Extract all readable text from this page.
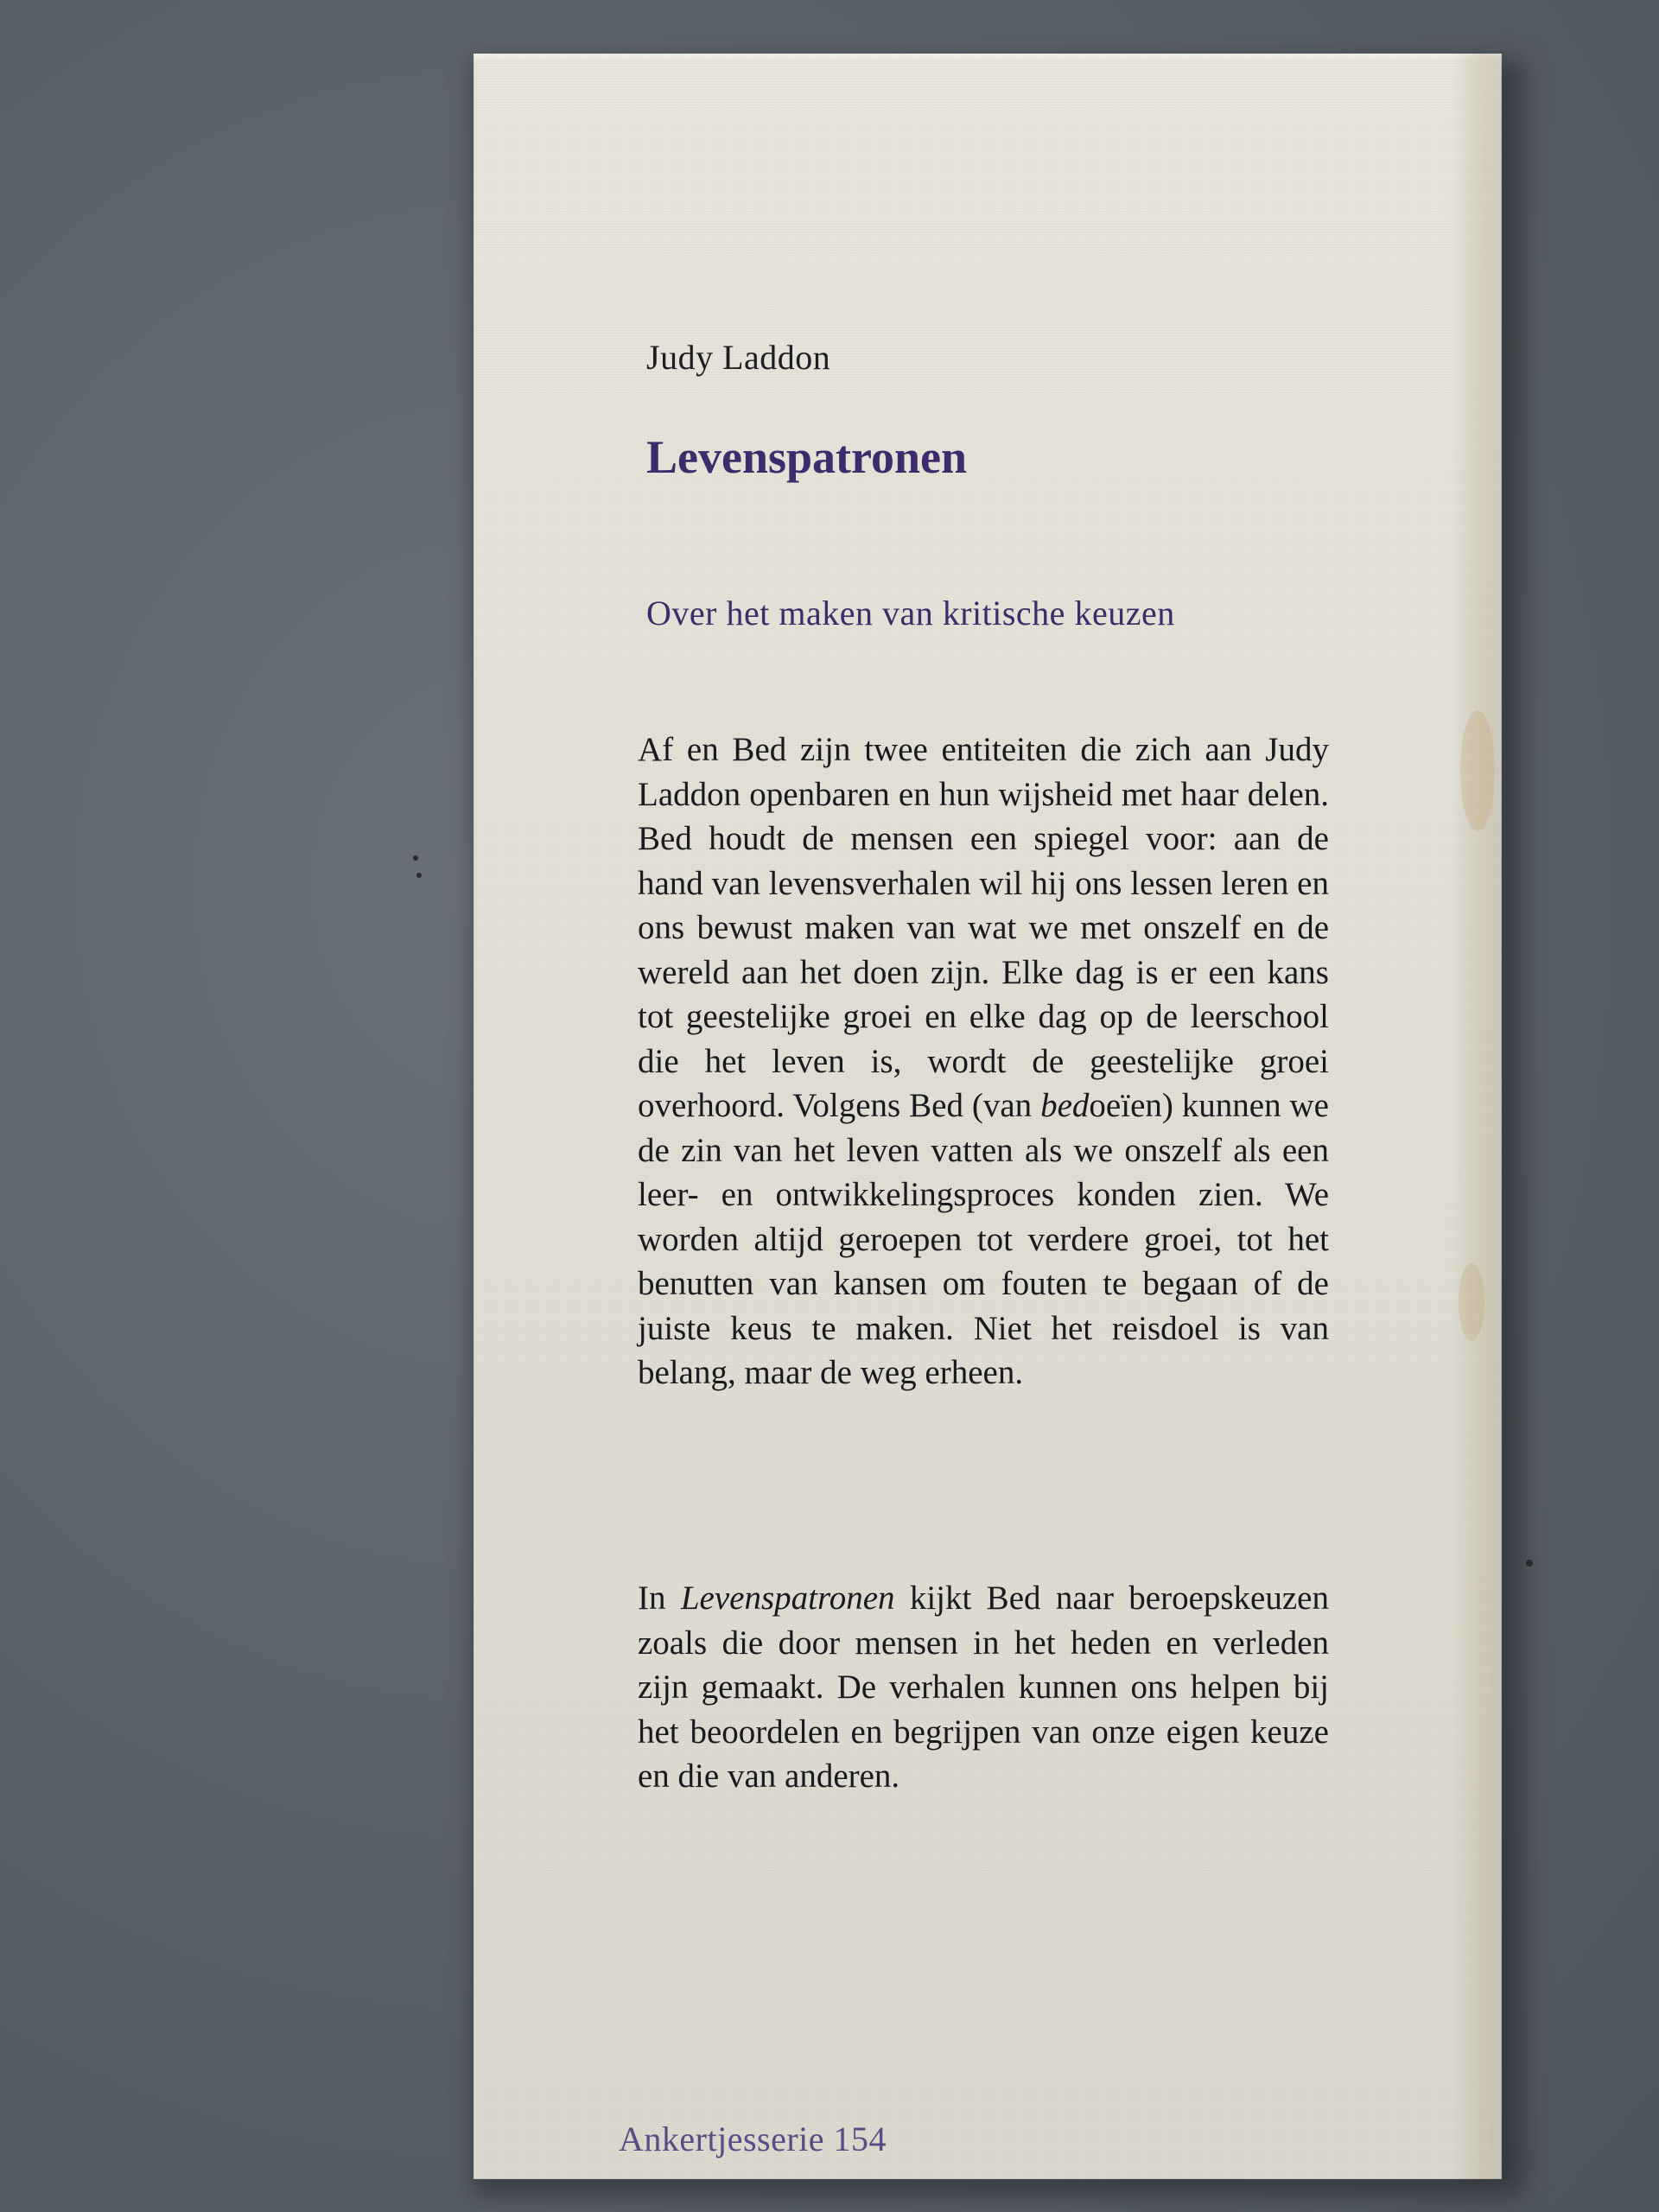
Judy Laddon
Levenspatronen
Over het maken van kritische keuzen

Af en Bed zijn twee entiteiten die zich aan Judy Laddon openbaren en hun wijsheid met haar delen. Bed houdt de mensen een spiegel voor: aan de hand van levensverhalen wil hij ons lessen leren en ons bewust maken van wat we met onszelf en de wereld aan het doen zijn. Elke dag is er een kans tot geestelijke groei en elke dag op de leerschool die het leven is, wordt de geestelijke groei overhoord. Volgens Bed (van bedoeïen) kunnen we de zin van het leven vatten als we onszelf als een leer- en ontwikkelingsproces konden zien. We worden altijd geroepen tot verdere groei, tot het benutten van kansen om fouten te begaan of de juiste keus te maken. Niet het reisdoel is van belang, maar de weg erheen.

In Levenspatronen kijkt Bed naar beroepskeuzen zoals die door mensen in het heden en verleden zijn gemaakt. De verhalen kunnen ons helpen bij het beoordelen en begrijpen van onze eigen keuze en die van anderen.

Ankertjesserie 154
